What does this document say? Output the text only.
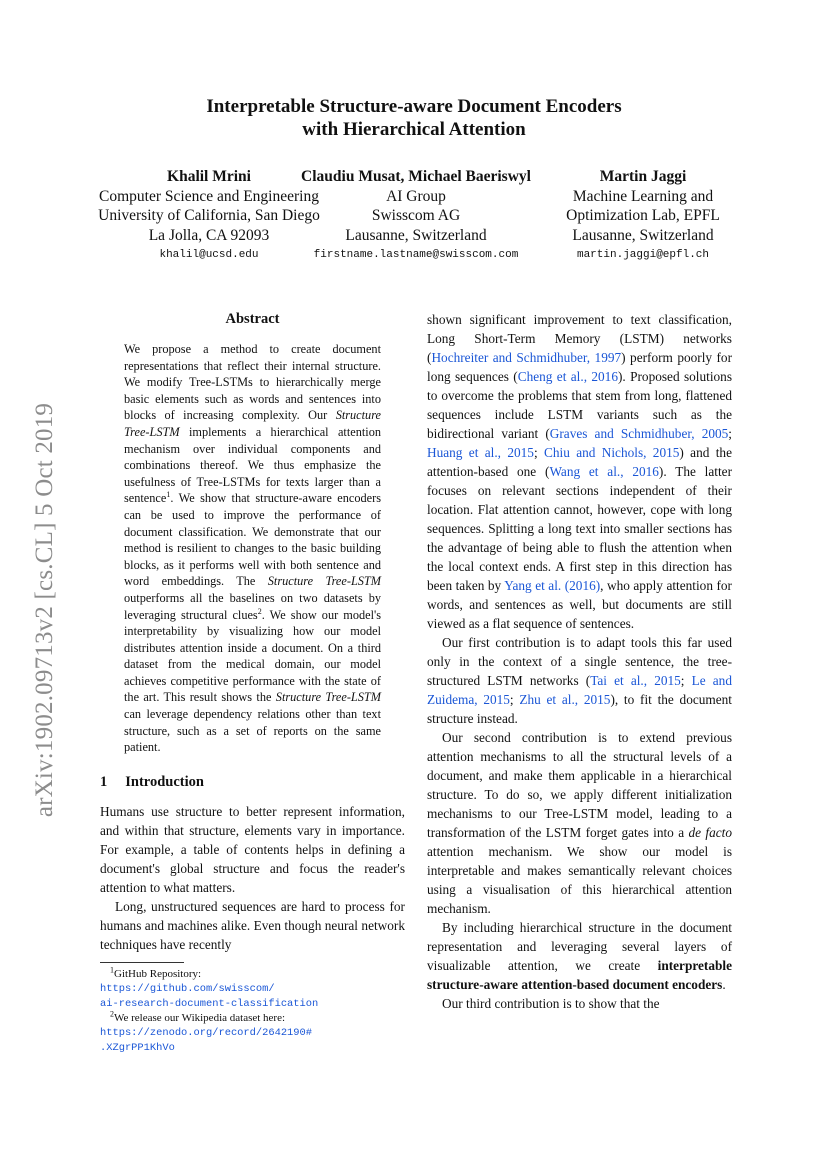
arXiv:1902.09713v2 [cs.CL] 5 Oct 2019
Interpretable Structure-aware Document Encoders
with Hierarchical Attention
Khalil Mrini
Computer Science and Engineering
University of California, San Diego
La Jolla, CA 92093
khalil@ucsd.edu
Claudiu Musat, Michael Baeriswyl
AI Group
Swisscom AG
Lausanne, Switzerland
firstname.lastname@swisscom.com
Martin Jaggi
Machine Learning and
Optimization Lab, EPFL
Lausanne, Switzerland
martin.jaggi@epfl.ch
Abstract
We propose a method to create document representations that reflect their internal structure. We modify Tree-LSTMs to hierarchically merge basic elements such as words and sentences into blocks of increasing complexity. Our Structure Tree-LSTM implements a hierarchical attention mechanism over individual components and combinations thereof. We thus emphasize the usefulness of Tree-LSTMs for texts larger than a sentence$^1$. We show that structure-aware encoders can be used to improve the performance of document classification. We demonstrate that our method is resilient to changes to the basic building blocks, as it performs well with both sentence and word embeddings. The Structure Tree-LSTM outperforms all the baselines on two datasets by leveraging structural clues$^2$. We show our model's interpretability by visualizing how our model distributes attention inside a document. On a third dataset from the medical domain, our model achieves competitive performance with the state of the art. This result shows the Structure Tree-LSTM can leverage dependency relations other than text structure, such as a set of reports on the same patient.
1 Introduction

Humans use structure to better represent information, and within that structure, elements vary in importance. For example, a table of contents helps in defining a document's global structure and focus the reader's attention to what matters.

Long, unstructured sequences are hard to process for humans and machines alike. Even though neural network techniques have recently

$^1$GitHub Repository:

https://github.com/swisscom/
ai-research-document-classification

$^2$We release our Wikipedia dataset here:

https://zenodo.org/record/2642190#
.XZgrPP1KhVo

shown significant improvement to text classification, Long Short-Term Memory (LSTM) networks (Hochreiter and Schmidhuber, 1997) perform poorly for long sequences (Cheng et al., 2016). Proposed solutions to overcome the problems that stem from long, flattened sequences include LSTM variants such as the bidirectional variant (Graves and Schmidhuber, 2005; Huang et al., 2015; Chiu and Nichols, 2015) and the attention-based one (Wang et al., 2016). The latter focuses on relevant sections independent of their location. Flat attention cannot, however, cope with long sequences. Splitting a long text into smaller sections has the advantage of being able to flush the attention when the local context ends. A first step in this direction has been taken by Yang et al. (2016), who apply attention for words, and sentences as well, but documents are still viewed as a flat sequence of sentences.

Our first contribution is to adapt tools this far used only in the context of a single sentence, the tree-structured LSTM networks (Tai et al., 2015; Le and Zuidema, 2015; Zhu et al., 2015), to fit the document structure instead.

Our second contribution is to extend previous attention mechanisms to all the structural levels of a document, and make them applicable in a hierarchical structure. To do so, we apply different initialization mechanisms to our Tree-LSTM model, leading to a transformation of the LSTM forget gates into a de facto attention mechanism. We show our model is interpretable and makes semantically relevant choices using a visualisation of this hierarchical attention mechanism.

By including hierarchical structure in the document representation and leveraging several layers of visualizable attention, we create interpretable structure-aware attention-based document encoders.

Our third contribution is to show that the
